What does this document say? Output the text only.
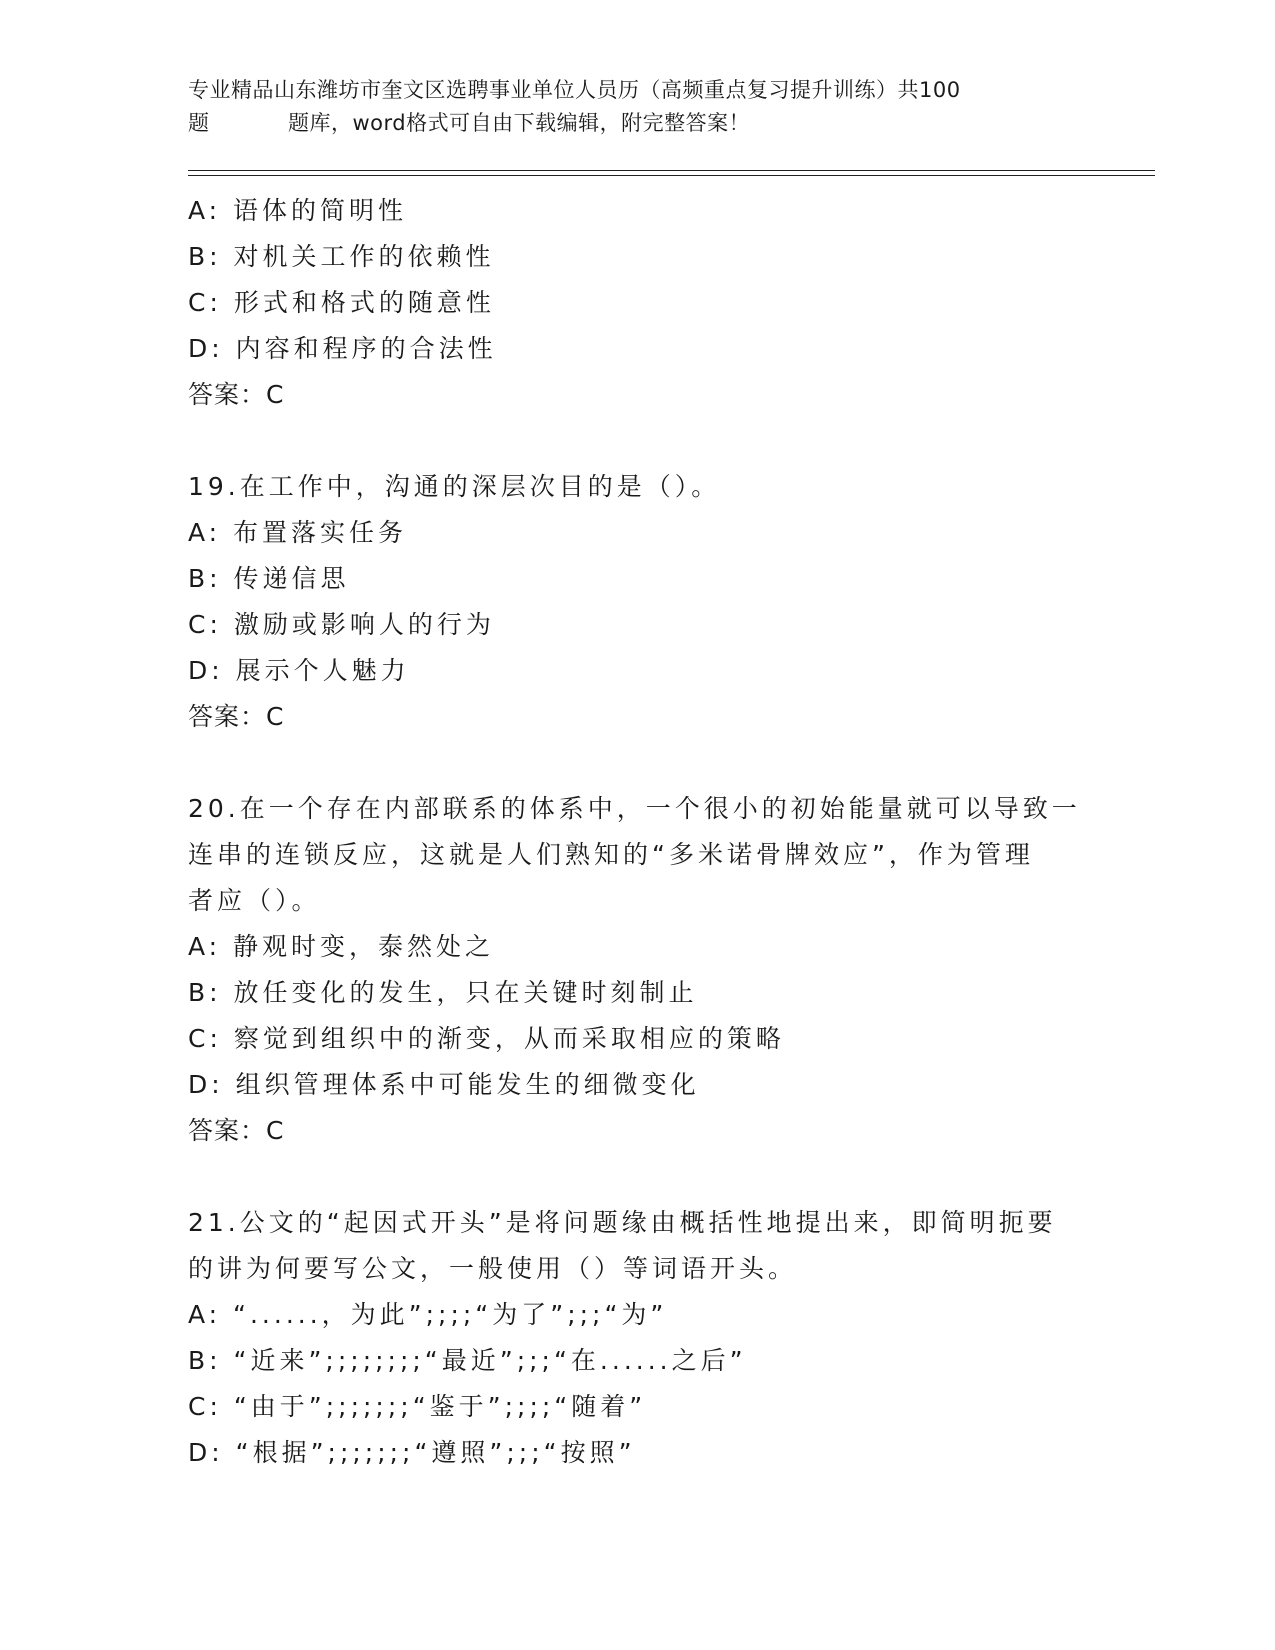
专业精品山东潍坊市奎文区选聘事业单位人员历（高频重点复习提升训练）共100
题	题库，word格式可自由下载编辑，附完整答案！
A: 语体的简明性
B: 对机关工作的依赖性
C: 形式和格式的随意性
D: 内容和程序的合法性
答案：C
19.在工作中，沟通的深层次目的是（）。
A: 布置落实任务
B: 传递信思
C: 激励或影响人的行为
D: 展示个人魅力
答案：C
20.在一个存在内部联系的体系中，一个很小的初始能量就可以导致一
连串的连锁反应，这就是人们熟知的“多米诺骨牌效应”，作为管理
者应（）。
A: 静观时变，泰然处之
B: 放任变化的发生，只在关键时刻制止
C: 察觉到组织中的渐变，从而采取相应的策略
D: 组织管理体系中可能发生的细微变化
答案：C
21.公文的“起因式开头”是将问题缘由概括性地提出来，即简明扼要
的讲为何要写公文，一般使用（）等词语开头。
A: “......，为此”;;;;“为了”;;;“为”
B: “近来”;;;;;;;;“最近”;;;“在......之后”
C: “由于”;;;;;;;“鉴于”;;;;“随着”
D: “根据”;;;;;;;“遵照”;;;“按照”
